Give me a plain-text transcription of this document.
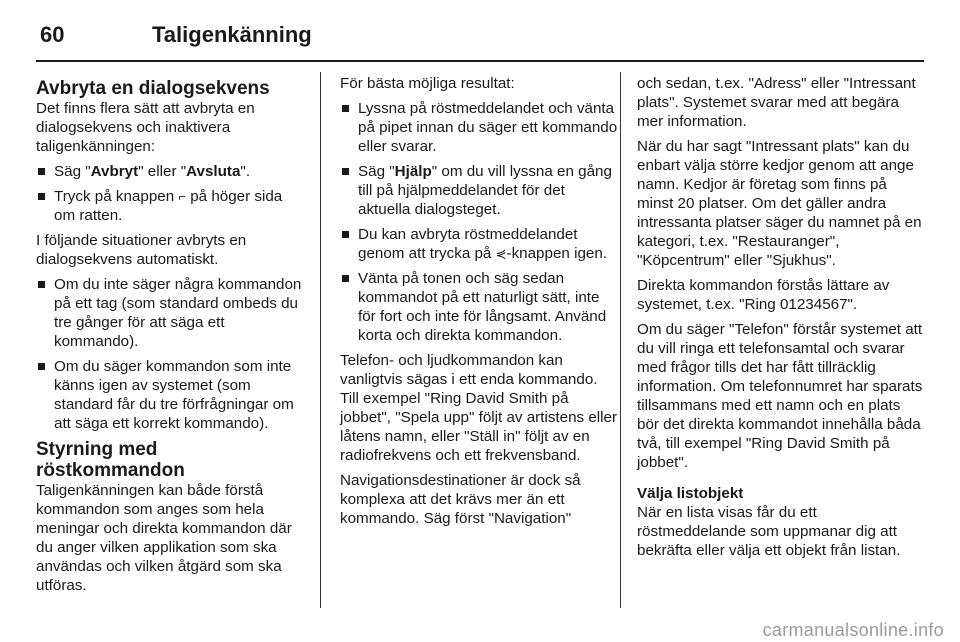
60	Taligenkänning
Avbryta en dialogsekvens

Det finns flera sätt att avbryta en dialogsekvens och inaktivera taligenkänningen:

Säg "Avbryt" eller "Avsluta".
Tryck på knappen ⌐ på höger sida om ratten.

I följande situationer avbryts en dialogsekvens automatiskt.

Om du inte säger några kommandon på ett tag (som standard ombeds du tre gånger för att säga ett kommando).
Om du säger kommandon som inte känns igen av systemet (som standard får du tre förfrågningar om att säga ett korrekt kommando).
Styrning med röstkommandon

Taligenkänningen kan både förstå kommandon som anges som hela meningar och direkta kommandon där du anger vilken applikation som ska användas och vilken åtgärd som ska utföras.

För bästa möjliga resultat:

Lyssna på röstmeddelandet och vänta på pipet innan du säger ett kommando eller svarar.
Säg "Hjälp" om du vill lyssna en gång till på hjälpmeddelandet för det aktuella dialogsteget.
Du kan avbryta röstmeddelandet genom att trycka på ⋞-knappen igen.
Vänta på tonen och säg sedan kommandot på ett naturligt sätt, inte för fort och inte för långsamt. Använd korta och direkta kommandon.

Telefon- och ljudkommandon kan vanligtvis sägas i ett enda kommando. Till exempel "Ring David Smith på jobbet", "Spela upp" följt av artistens eller låtens namn, eller "Ställ in" följt av en radiofrekvens och ett frekvensband.

Navigationsdestinationer är dock så komplexa att det krävs mer än ett kommando. Säg först "Navigation"

och sedan, t.ex. "Adress" eller "Intressant plats". Systemet svarar med att begära mer information.

När du har sagt "Intressant plats" kan du enbart välja större kedjor genom att ange namn. Kedjor är företag som finns på minst 20 platser. Om det gäller andra intressanta platser säger du namnet på en kategori, t.ex. "Restauranger", "Köpcentrum" eller "Sjukhus".

Direkta kommandon förstås lättare av systemet, t.ex. "Ring 01234567".

Om du säger "Telefon" förstår systemet att du vill ringa ett telefonsamtal och svarar med frågor tills det har fått tillräcklig information. Om telefonnumret har sparats tillsammans med ett namn och en plats bör det direkta kommandot innehålla båda två, till exempel "Ring David Smith på jobbet".

Välja listobjekt

När en lista visas får du ett röstmeddelande som uppmanar dig att bekräfta eller välja ett objekt från listan.

carmanualsonline.info
